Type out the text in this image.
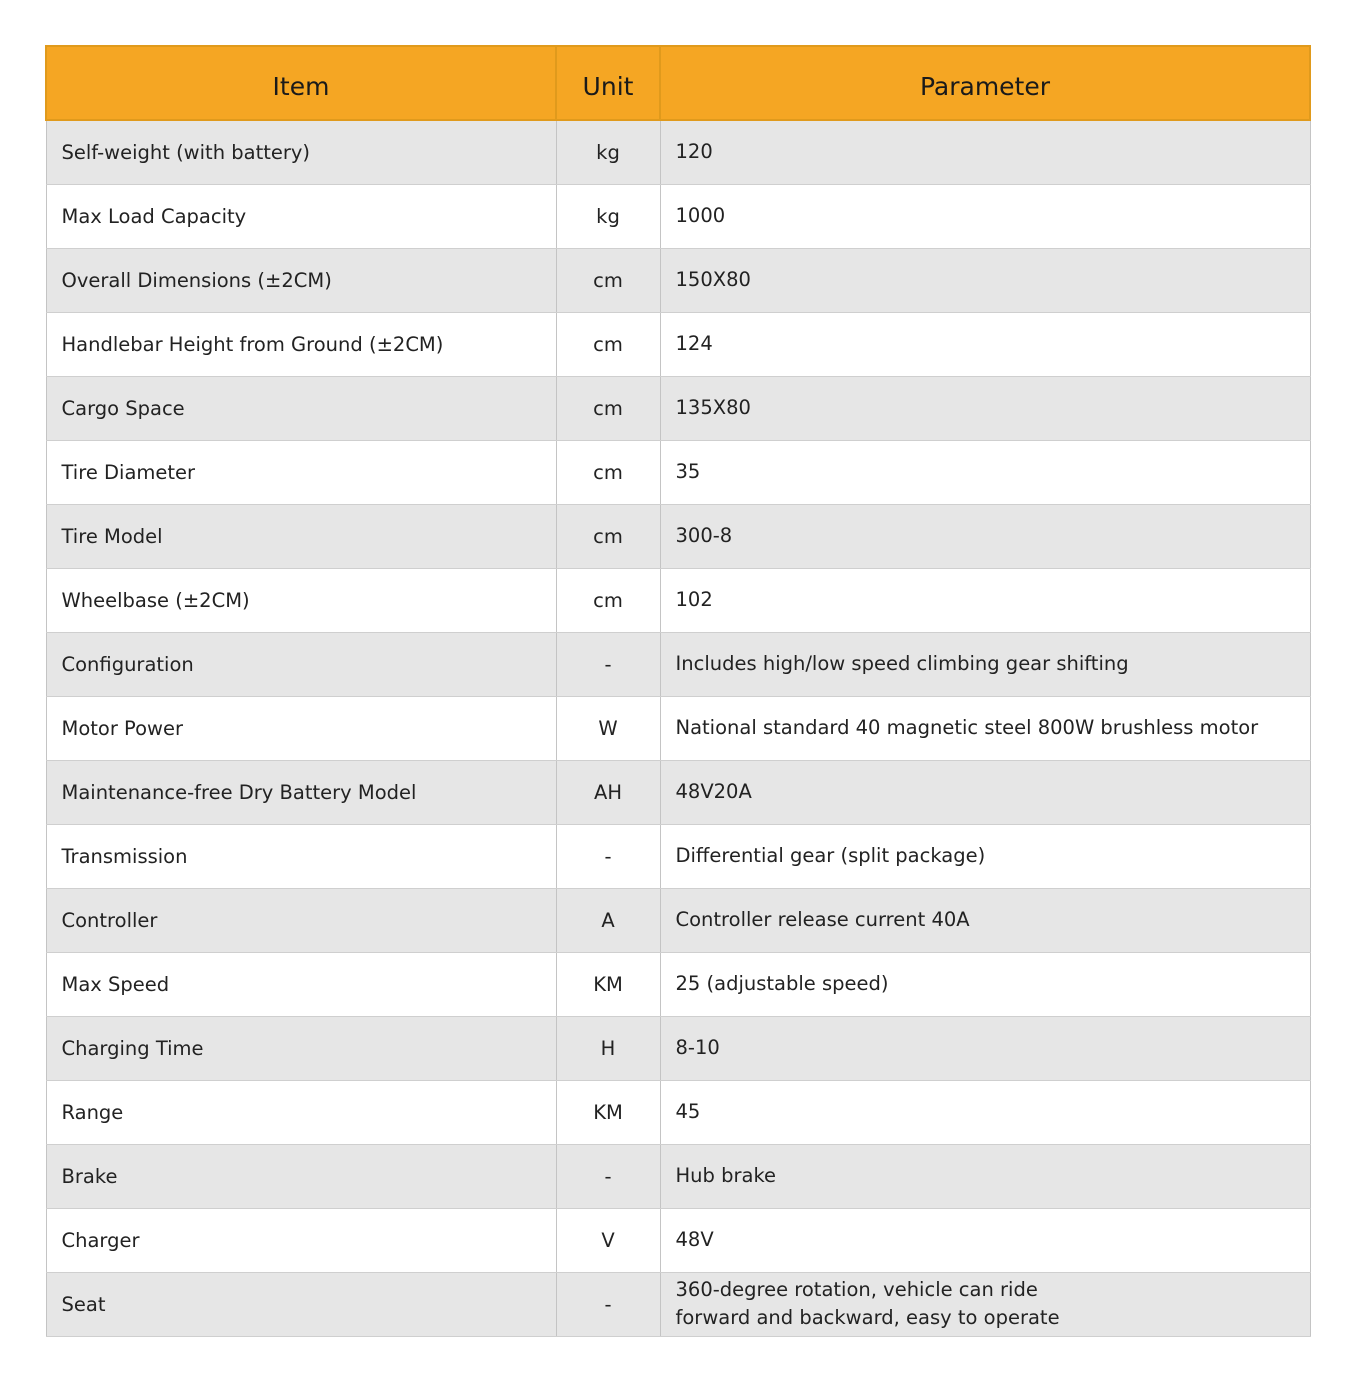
Item	Unit	Parameter
Self-weight (with battery)	kg	120

Max Load Capacity	kg	1000

Overall Dimensions (±2CM)	cm	150X80

Handlebar Height from Ground (±2CM)	cm	124

Cargo Space	cm	135X80

Tire Diameter	cm	35

Tire Model	cm	300-8

Wheelbase (±2CM)	cm	102

Configuration	-	Includes high/low speed climbing gear shifting

Motor Power	W	National standard 40 magnetic steel 800W brushless motor

Maintenance-free Dry Battery Model	AH	48V20A

Transmission	-	Differential gear (split package)

Controller	A	Controller release current 40A

Max Speed	KM	25 (adjustable speed)

Charging Time	H	8-10

Range	KM	45

Brake	-	Hub brake

Charger	V	48V

Seat	-	360-degree rotation, vehicle can ride
forward and backward, easy to operate
